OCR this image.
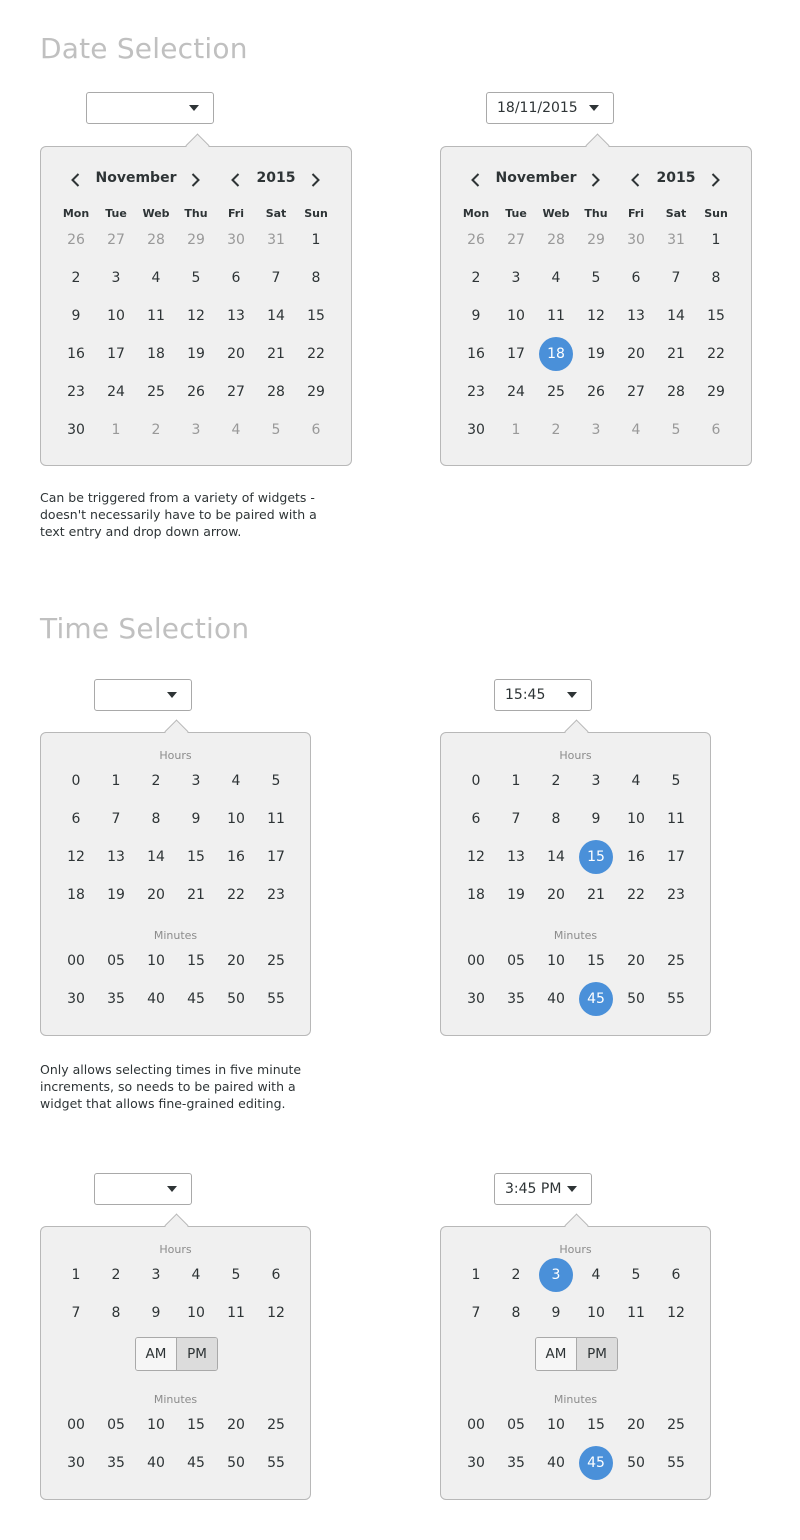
Date Selection

Can be triggered from a variety of widgets - doesn't necessarily have to be paired with a text entry and drop down arrow.

Time Selection

Only allows selecting times in five minute increments, so needs to be paired with a widget that allows fine-grained editing.

November	2015
Mon	Tue	Web	Thu	Fri	Sat	Sun
26	27	28	29	30	31	1
2	3	4	5	6	7	8
9	10	11	12	13	14	15
16	17	18	19	20	21	22
23	24	25	26	27	28	29
30	1	2	3	4	5	6
18/11/2015
November	2015
Mon	Tue	Web	Thu	Fri	Sat	Sun
26	27	28	29	30	31	1
2	3	4	5	6	7	8
9	10	11	12	13	14	15
16	17	18	19	20	21	22
23	24	25	26	27	28	29
30	1	2	3	4	5	6
Hours
0	1	2	3	4	5
6	7	8	9	10	11
12	13	14	15	16	17
18	19	20	21	22	23
Minutes
00	05	10	15	20	25
30	35	40	45	50	55
15:45
Hours
0	1	2	3	4	5
6	7	8	9	10	11
12	13	14	15	16	17
18	19	20	21	22	23
Minutes
00	05	10	15	20	25
30	35	40	45	50	55
Hours
1	2	3	4	5	6
7	8	9	10	11	12
AM	PM
Minutes
00	05	10	15	20	25
30	35	40	45	50	55
3:45 PM
Hours
1	2	3	4	5	6
7	8	9	10	11	12
AM	PM
Minutes
00	05	10	15	20	25
30	35	40	45	50	55
